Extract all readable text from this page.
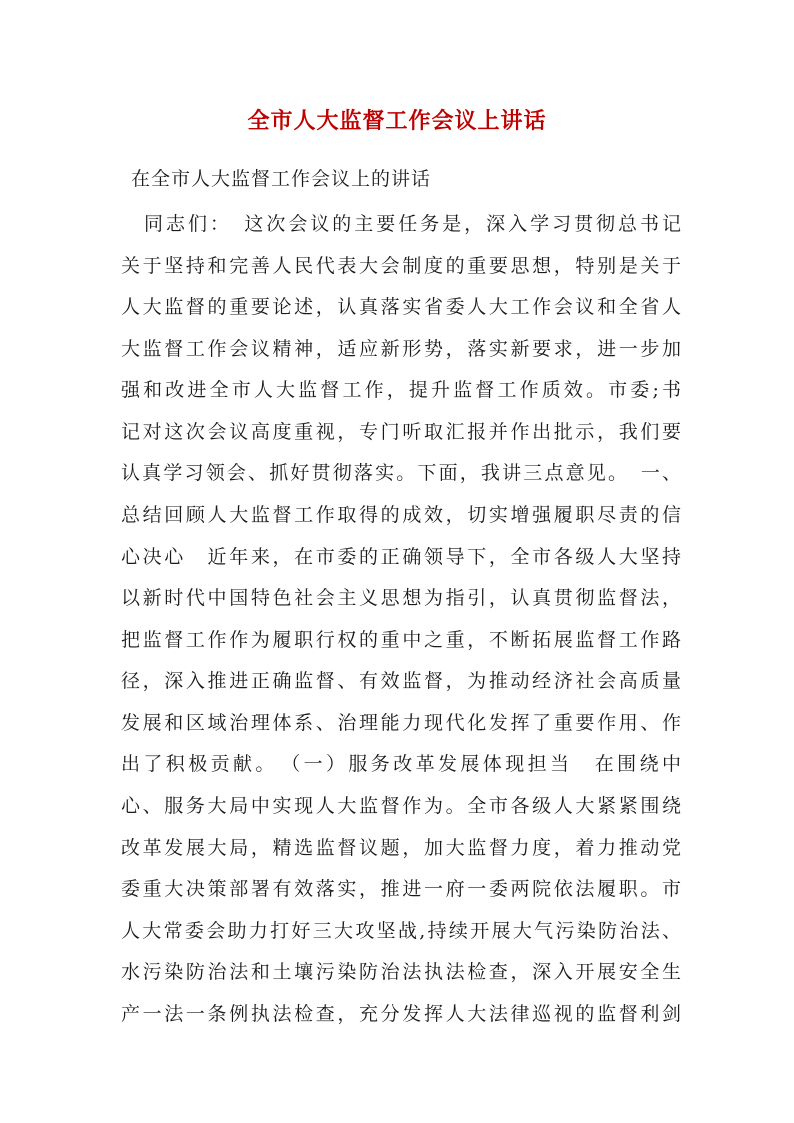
全市人大监督工作会议上讲话
在全市人大监督工作会议上的讲话
同志们：　这次会议的主要任务是，深入学习贯彻总书记
关于坚持和完善人民代表大会制度的重要思想，特别是关于
人大监督的重要论述，认真落实省委人大工作会议和全省人
大监督工作会议精神，适应新形势，落实新要求，进一步加
强和改进全市人大监督工作，提升监督工作质效。市委;书
记对这次会议高度重视，专门听取汇报并作出批示，我们要
认真学习领会、抓好贯彻落实。下面，我讲三点意见。　一、
总结回顾人大监督工作取得的成效，切实增强履职尽责的信
心决心　近年来，在市委的正确领导下，全市各级人大坚持
以新时代中国特色社会主义思想为指引，认真贯彻监督法，
把监督工作作为履职行权的重中之重，不断拓展监督工作路
径，深入推进正确监督、有效监督，为推动经济社会高质量
发展和区域治理体系、治理能力现代化发挥了重要作用、作
出了积极贡献。　（一）服务改革发展体现担当　在围绕中
心、服务大局中实现人大监督作为。全市各级人大紧紧围绕
改革发展大局，精选监督议题，加大监督力度，着力推动党
委重大决策部署有效落实，推进一府一委两院依法履职。市
人大常委会助力打好三大攻坚战,持续开展大气污染防治法、
水污染防治法和土壤污染防治法执法检查，深入开展安全生
产一法一条例执法检查，充分发挥人大法律巡视的监督利剑
